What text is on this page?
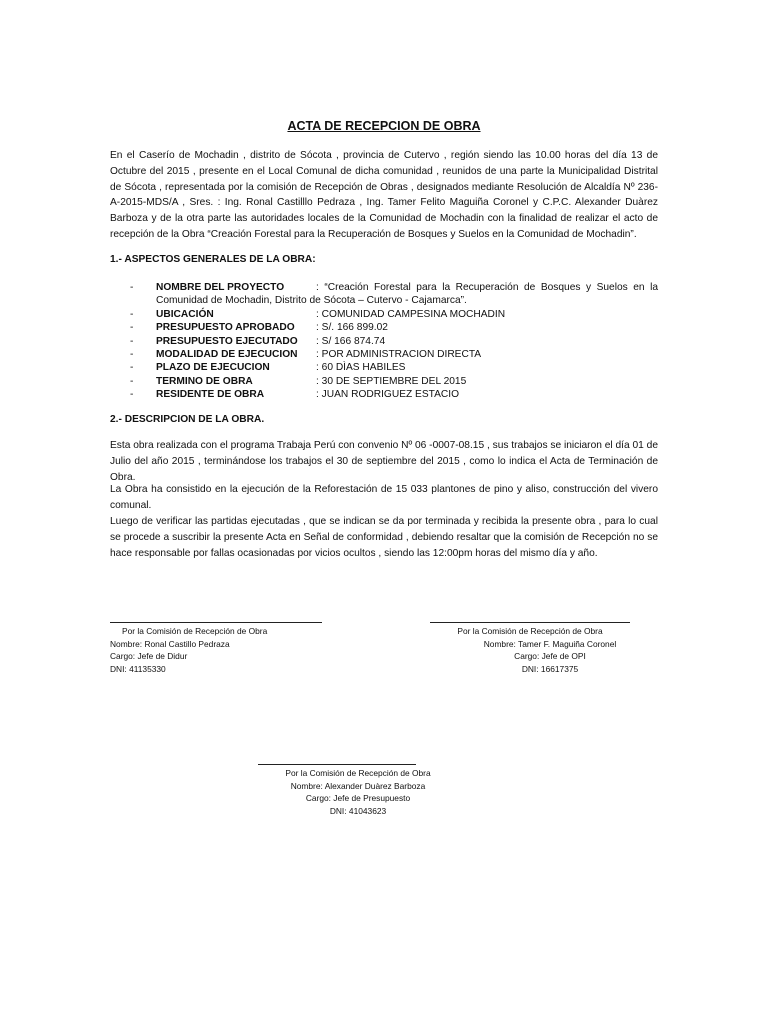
ACTA DE RECEPCION DE OBRA
En el Caserío de Mochadin , distrito de Sócota , provincia de Cutervo , región siendo las 10.00 horas del día 13 de Octubre del 2015 , presente en el Local Comunal de dicha comunidad , reunidos de una parte la Municipalidad Distrital de Sócota , representada por la comisión de Recepción de Obras , designados mediante Resolución de Alcaldía Nº 236-A-2015-MDS/A , Sres. : Ing. Ronal Castilllo Pedraza , Ing. Tamer Felito Maguiña Coronel y C.P.C. Alexander Duàrez Barboza y de la otra parte las autoridades locales de la Comunidad de Mochadin con la finalidad de realizar el acto de recepción de la Obra “Creación Forestal para la Recuperación de Bosques y Suelos en la Comunidad de Mochadin”.
1.- ASPECTOS GENERALES DE LA OBRA:
- NOMBRE DEL PROYECTO	: “Creación Forestal para la Recuperación de Bosques y Suelos en la Comunidad de Mochadin, Distrito de Sócota – Cutervo - Cajamarca”.
- UBICACIÓN	: COMUNIDAD CAMPESINA MOCHADIN
- PRESUPUESTO APROBADO	: S/. 166 899.02
- PRESUPUESTO EJECUTADO	: S/ 166 874.74
- MODALIDAD DE EJECUCION	: POR ADMINISTRACION DIRECTA
- PLAZO DE EJECUCION	: 60 DÌAS HABILES
- TERMINO DE OBRA	: 30 DE SEPTIEMBRE DEL 2015
- RESIDENTE DE OBRA	: JUAN RODRIGUEZ ESTACIO
2.- DESCRIPCION DE LA OBRA.
Esta obra realizada con el programa Trabaja Perú con convenio Nº 06 -0007-08.15 , sus trabajos se iniciaron el día 01 de Julio del año 2015 , terminándose los trabajos el 30 de septiembre del 2015 , como lo indica el Acta de Terminación de Obra.
La Obra ha consistido en la ejecución de la Reforestación de 15 033 plantones de pino y aliso, construcción del vivero comunal.
Luego de verificar las partidas ejecutadas , que se indican se da por terminada y recibida la presente obra , para lo cual se procede a suscribir la presente Acta en Señal de conformidad , debiendo resaltar que la comisión de Recepción no se hace responsable por fallas ocasionadas por vicios ocultos , siendo las 12:00pm horas del mismo día y año.
Por la Comisión de Recepción de Obra
Nombre: Ronal Castillo Pedraza
Cargo: Jefe de Didur
DNI: 41135330
Por la Comisión de Recepción de Obra
Nombre: Tamer F. Maguiña Coronel
Cargo: Jefe de OPI
DNI: 16617375
Por la Comisión de Recepción de Obra
Nombre: Alexander Duàrez Barboza
Cargo: Jefe de Presupuesto
DNI: 41043623
